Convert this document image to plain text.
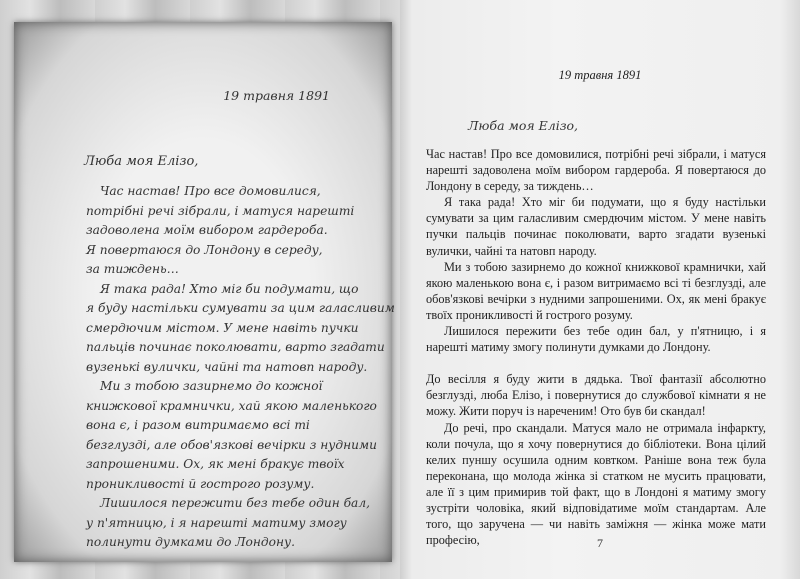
19 травня 1891
Люба моя Елізо,
Час настав! Про все домовилися,
потрібні речі зібрали, і матуся нарешті
задоволена моїм вибором гардероба.
Я повертаюся до Лондону в середу,
за тиждень…
Я така рада! Хто міг би подумати, що
я буду настільки сумувати за цим галасливим
смердючим містом. У мене навіть пучки
пальців починає поколювати, варто згадати
вузенькі вулички, чайні та натовп народу.
Ми з тобою зазирнемо до кожної
книжкової крамнички, хай якою маленького
вона є, і разом витримаємо всі ті
безглузді, але обов'язкові вечірки з нудними
запрошеними. Ох, як мені бракує твоїх
проникливості й гострого розуму.
Лишилося пережити без тебе один бал,
у п'ятницю, і я нарешті матиму змогу
полинути думками до Лондону.
19 травня 1891
Люба моя Елізо,

Час настав! Про все домовилися, потрібні речі зібрали, і матуся нарешті задоволена моїм вибором гардероба. Я повертаюся до Лондону в середу, за тиждень…

Я така рада! Хто міг би подумати, що я буду настільки сумувати за цим галасливим смердючим містом. У мене навіть пучки пальців починає поколювати, варто згадати вузенькі вулички, чайні та натовп народу.

Ми з тобою зазирнемо до кожної книжкової крамнички, хай якою маленькою вона є, і разом витримаємо всі ті безглузді, але обов'язкові вечірки з нудними запрошеними. Ох, як мені бракує твоїх проникливості й гострого розуму.

Лишилося пережити без тебе один бал, у п'ятницю, і я нарешті матиму змогу полинути думками до Лондону.

До весілля я буду жити в дядька. Твої фантазії абсолютно безглузді, люба Елізо, і повернутися до службової кімнати я не можу. Жити поруч із нареченим! Ото був би скандал!

До речі, про скандали. Матуся мало не отримала інфаркту, коли почула, що я хочу повернутися до бібліотеки. Вона цілий келих пуншу осушила одним ковтком. Раніше вона теж була переконана, що молода жінка зі статком не мусить працювати, але її з цим примирив той факт, що в Лондоні я матиму змогу зустріти чоловіка, який відповідатиме моїм стандартам. Але того, що заручена — чи навіть заміжня — жінка може мати професію,	7
